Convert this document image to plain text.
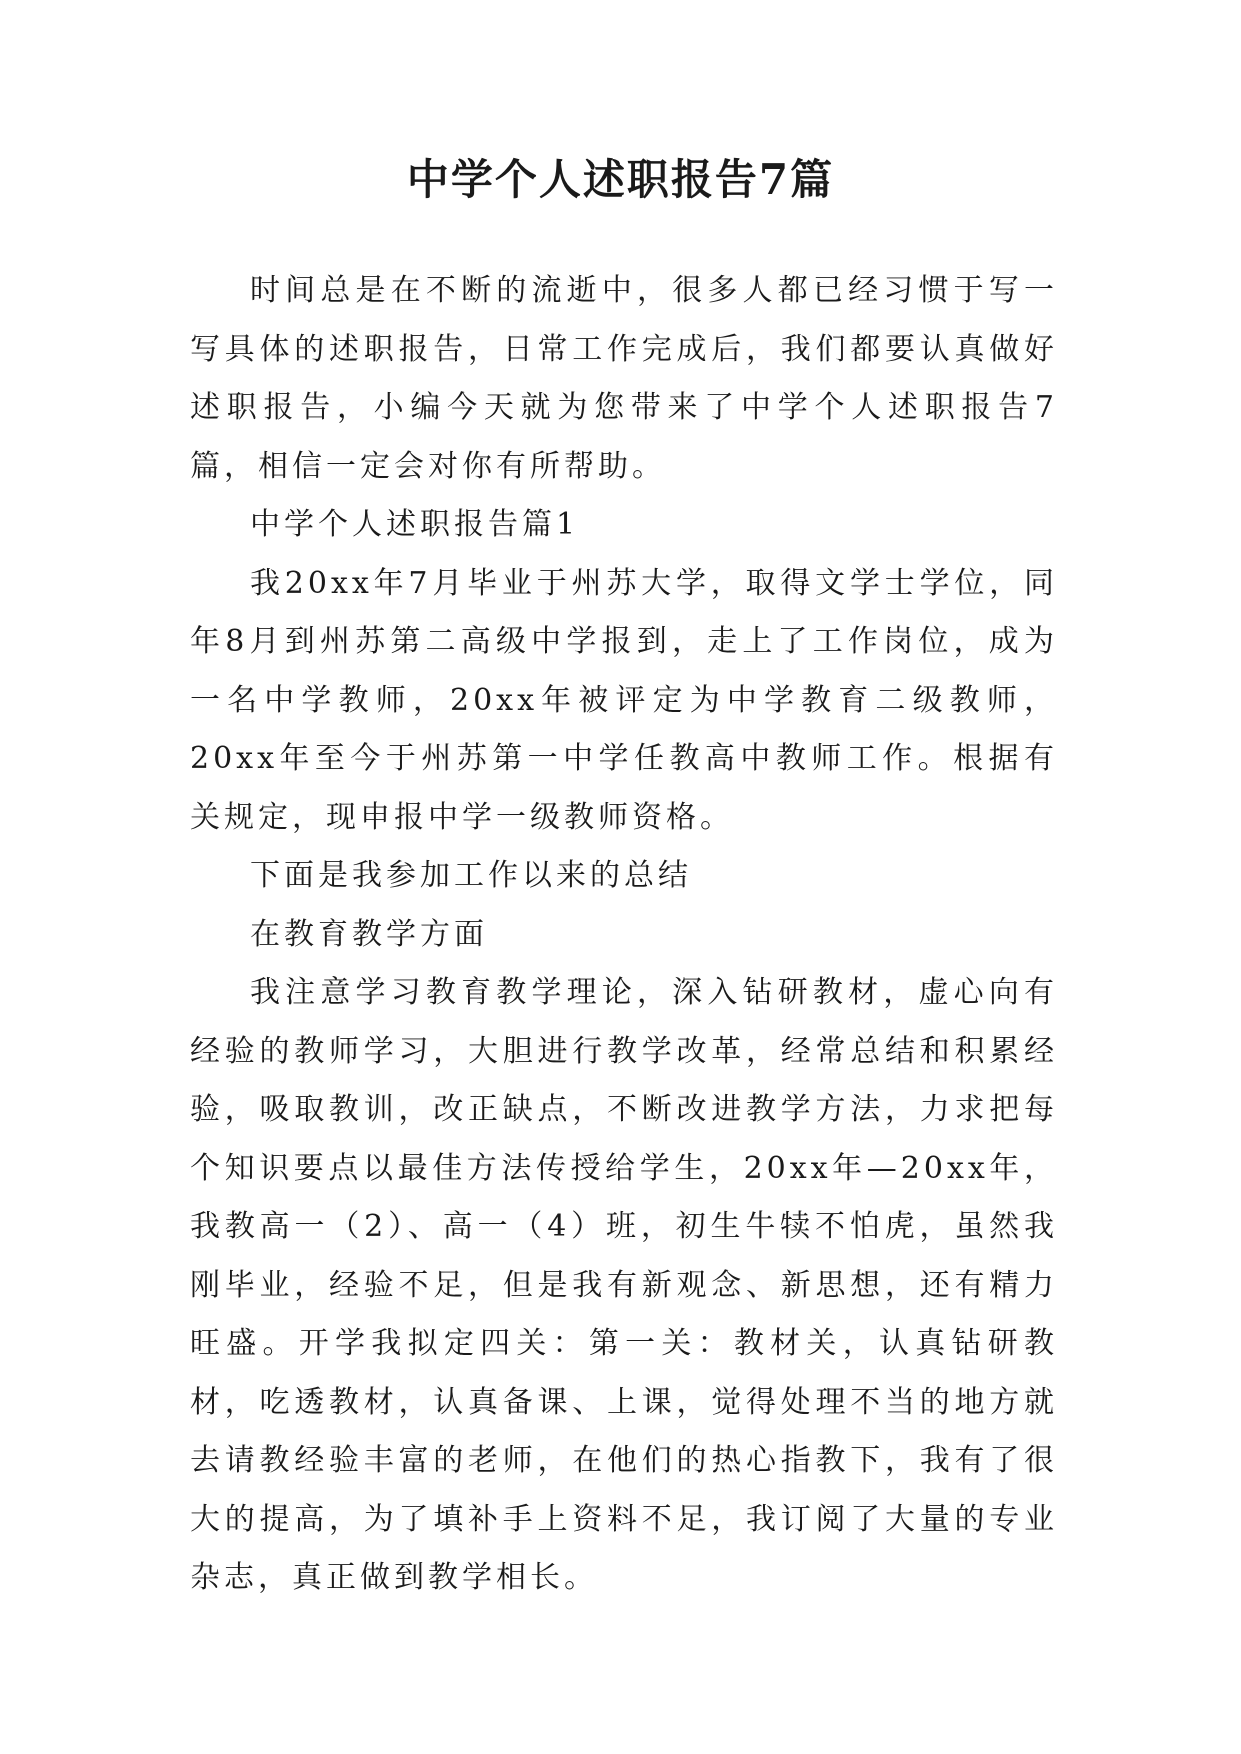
中学个人述职报告7篇

时间总是在不断的流逝中，很多人都已经习惯于写一写具体的述职报告，日常工作完成后，我们都要认真做好述职报告，小编今天就为您带来了中学个人述职报告7篇，相信一定会对你有所帮助。

中学个人述职报告篇1

我20xx年7月毕业于州苏大学，取得文学士学位，同年8月到州苏第二高级中学报到，走上了工作岗位，成为一名中学教师，20xx年被评定为中学教育二级教师，20xx年至今于州苏第一中学任教高中教师工作。根据有关规定，现申报中学一级教师资格。

下面是我参加工作以来的总结

在教育教学方面

我注意学习教育教学理论，深入钻研教材，虚心向有经验的教师学习，大胆进行教学改革，经常总结和积累经验，吸取教训，改正缺点，不断改进教学方法，力求把每个知识要点以最佳方法传授给学生，20xx年—20xx年，我教高一（2）、高一（4）班，初生牛犊不怕虎，虽然我刚毕业，经验不足，但是我有新观念、新思想，还有精力旺盛。开学我拟定四关：第一关：教材关，认真钻研教材，吃透教材，认真备课、上课，觉得处理不当的地方就去请教经验丰富的老师，在他们的热心指教下，我有了很大的提高，为了填补手上资料不足，我订阅了大量的专业杂志，真正做到教学相长。
